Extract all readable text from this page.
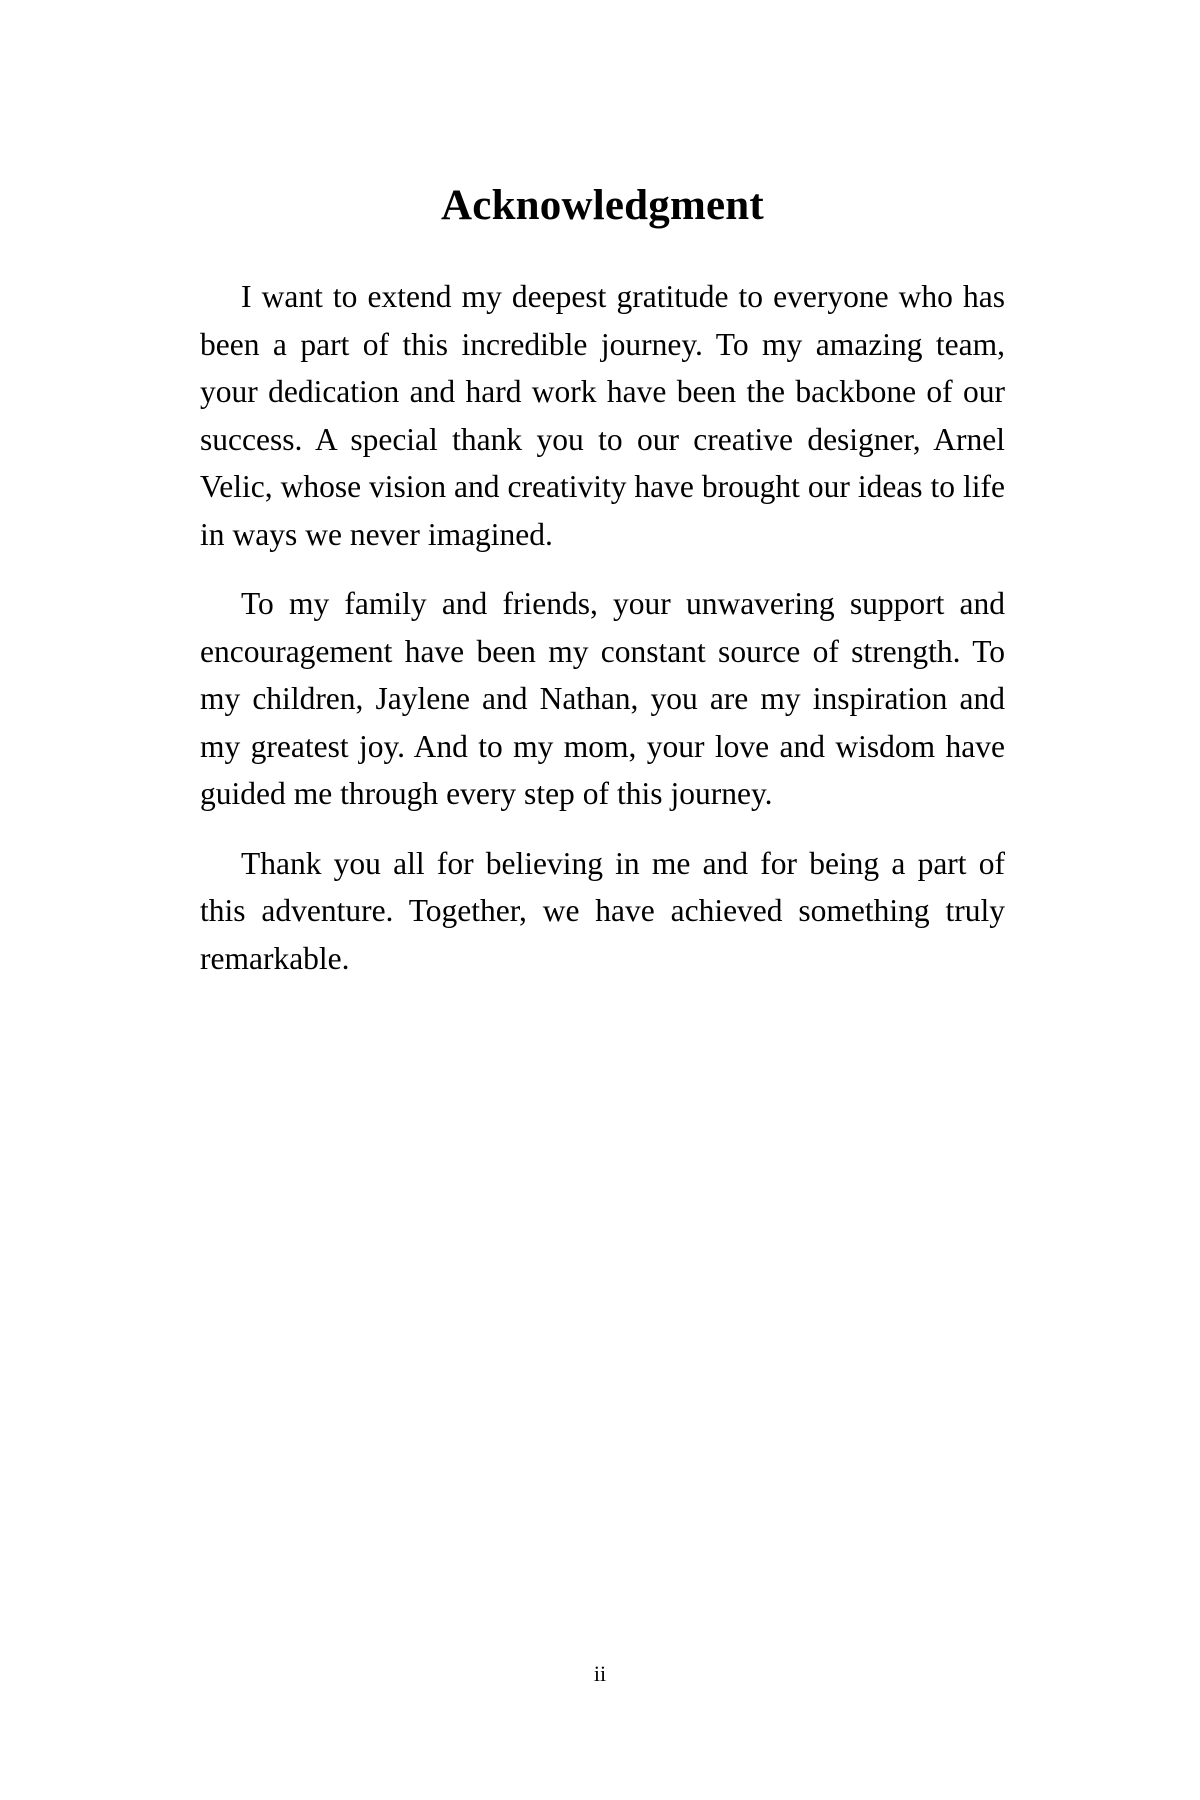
Acknowledgment

I want to extend my deepest gratitude to everyone who has been a part of this incredible journey. To my amazing team, your dedication and hard work have been the backbone of our success. A special thank you to our creative designer, Arnel Velic, whose vision and creativity have brought our ideas to life in ways we never imagined.

To my family and friends, your unwavering support and encouragement have been my constant source of strength. To my children, Jaylene and Nathan, you are my inspiration and my greatest joy. And to my mom, your love and wisdom have guided me through every step of this journey.

Thank you all for believing in me and for being a part of this adventure. Together, we have achieved something truly remarkable.

ii
